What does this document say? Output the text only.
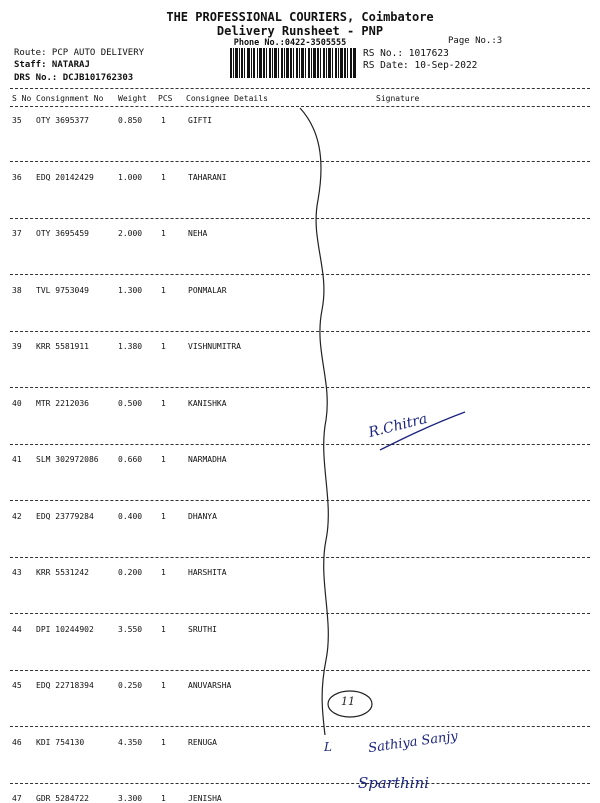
THE PROFESSIONAL COURIERS, Coimbatore
Delivery Runsheet - PNP
Phone No.:0422-3505555	Page No.:3
Route: PCP AUTO DELIVERY
Staff: NATARAJ
DRS No.: DCJB101762303
RS No.: 1017623
RS Date: 10-Sep-2022
S No Consignment No Weight PCS Consignee Details	Signature
35 OTY 3695377	0.850 1	GIFTI
36 EDQ 20142429	1.000 1	TAHARANI
37 OTY 3695459	2.000 1	NEHA
38 TVL 9753049	1.300 1	PONMALAR
39 KRR 5581911	1.380 1	VISHNUMITRA
40 MTR 2212036	0.500 1	KANISHKA
41 SLM 302972086 0.660 1	NARMADHA
42 EDQ 23779284	0.400 1	DHANYA
43 KRR 5531242	0.200 1	HARSHITA
44 DPI 10244902	3.550 1	SRUTHI
45 EDQ 22718394	0.250 1	ANUVARSHA
46 KDI 754130	4.350 1	RENUGA
47 GDR 5284722	3.300 1	JENISHA
R.Chitra
11
L	Sathiya Sanjy
Sparthini
